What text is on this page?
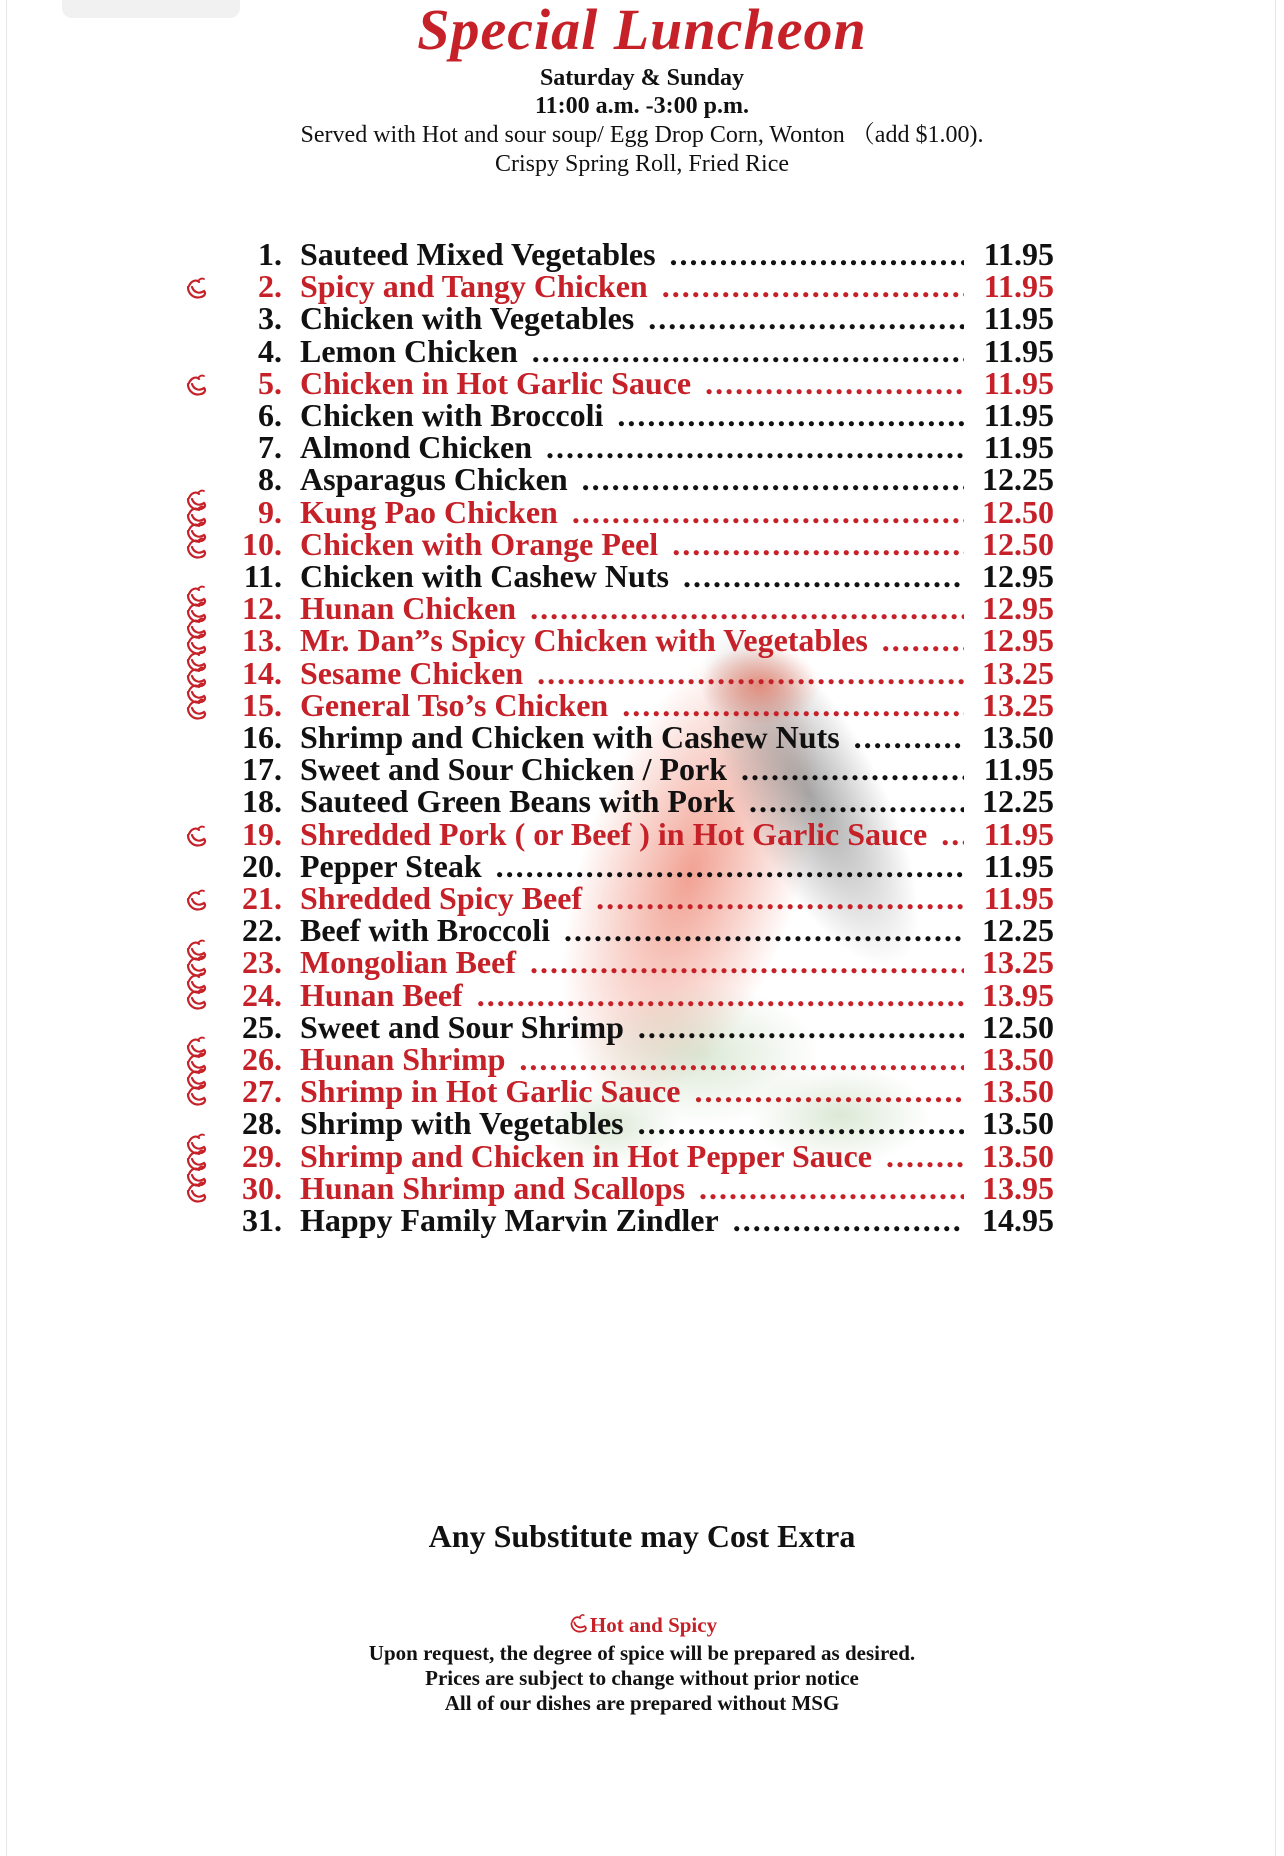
Special Luncheon
Saturday & Sunday
11:00 a.m. -3:00 p.m.
Served with Hot and sour soup/ Egg Drop Corn, Wonton （add $1.00).
Crispy Spring Roll, Fried Rice
1. Sauteed Mixed Vegetables .....	11.95
2. Spicy and Tangy Chicken .....	11.95
3. Chicken with Vegetables .....	11.95
4. Lemon Chicken .....	11.95
5. Chicken in Hot Garlic Sauce .....	11.95
6. Chicken with Broccoli .....	11.95
7. Almond Chicken .....	11.95
8. Asparagus Chicken .....	12.25
9. Kung Pao Chicken .....	12.50
10. Chicken with Orange Peel .....	12.50
11. Chicken with Cashew Nuts .....	12.95
12. Hunan Chicken .....	12.95
13. Mr. Dan”s Spicy Chicken with Vegetables .....	12.95
14. Sesame Chicken .....	13.25
15. General Tso’s Chicken .....	13.25
16. Shrimp and Chicken with Cashew Nuts .....	13.50
17. Sweet and Sour Chicken / Pork .....	11.95
18. Sauteed Green Beans with Pork .....	12.25
19. Shredded Pork ( or Beef ) in Hot Garlic Sauce ..... 11.95
20. Pepper Steak .....	11.95
21. Shredded Spicy Beef .....	11.95
22. Beef with Broccoli .....	12.25
23. Mongolian Beef .....	13.25
24. Hunan Beef .....	13.95
25. Sweet and Sour Shrimp .....	12.50
26. Hunan Shrimp .....	13.50
27. Shrimp in Hot Garlic Sauce .....	13.50
28. Shrimp with Vegetables .....	13.50
29. Shrimp and Chicken in Hot Pepper Sauce .....	13.50
30. Hunan Shrimp and Scallops .....	13.95
31. Happy Family Marvin Zindler .....	14.95
Any Substitute may Cost Extra
Hot and Spicy
Upon request, the degree of spice will be prepared as desired.
Prices are subject to change without prior notice
All of our dishes are prepared without MSG
